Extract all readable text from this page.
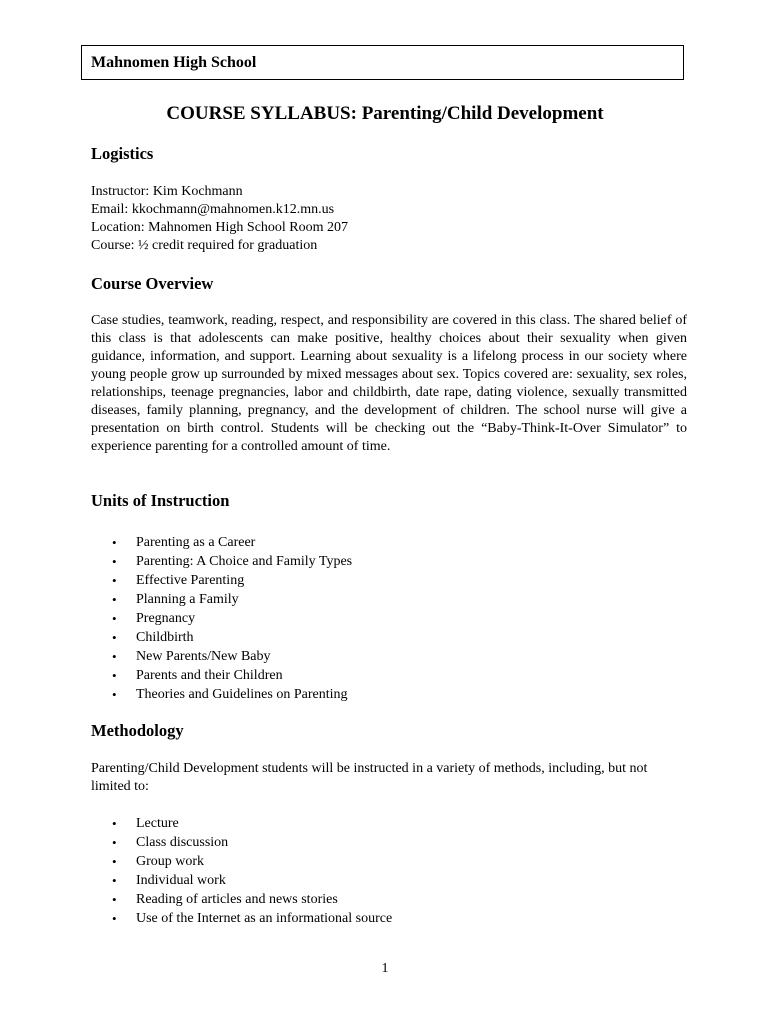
Mahnomen High School
COURSE SYLLABUS: Parenting/Child Development
Logistics
Instructor: Kim Kochmann
Email: kkochmann@mahnomen.k12.mn.us
Location: Mahnomen High School Room 207
Course: ½ credit required for graduation
Course Overview
Case studies, teamwork, reading, respect, and responsibility are covered in this class. The shared belief of this class is that adolescents can make positive, healthy choices about their sexuality when given guidance, information, and support. Learning about sexuality is a lifelong process in our society where young people grow up surrounded by mixed messages about sex. Topics covered are: sexuality, sex roles, relationships, teenage pregnancies, labor and childbirth, date rape, dating violence, sexually transmitted diseases, family planning, pregnancy, and the development of children. The school nurse will give a presentation on birth control. Students will be checking out the “Baby-Think-It-Over Simulator” to experience parenting for a controlled amount of time.
Units of Instruction
• Parenting as a Career
• Parenting: A Choice and Family Types
• Effective Parenting
• Planning a Family
• Pregnancy
• Childbirth
• New Parents/New Baby
• Parents and their Children
• Theories and Guidelines on Parenting
Methodology
Parenting/Child Development students will be instructed in a variety of methods, including, but not limited to:
• Lecture
• Class discussion
• Group work
• Individual work
• Reading of articles and news stories
• Use of the Internet as an informational source
1
